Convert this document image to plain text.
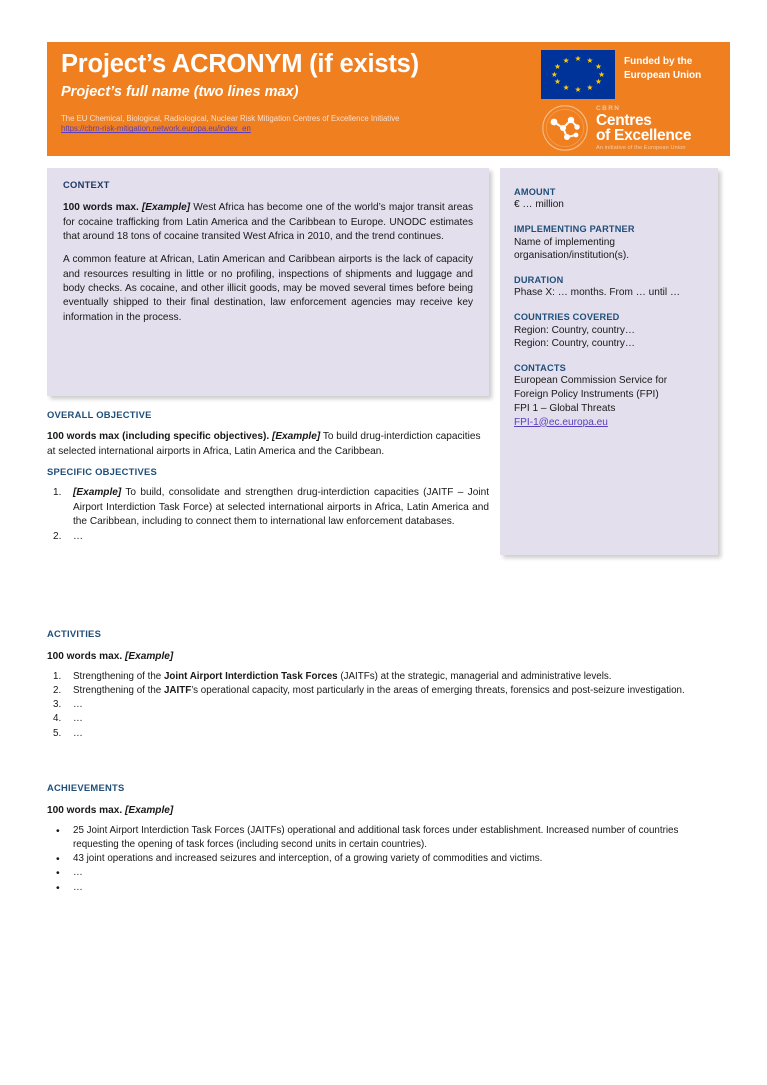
Project’s ACRONYM (if exists)
Project’s full name (two lines max)
The EU Chemical, Biological, Radiological, Nuclear Risk Mitigation Centres of Excellence Initiative
https://cbrn-risk-mitigation.network.europa.eu/index_en
★ ★
★
★
★
★
★
★
★
★
★
★	Funded by the
European Union
CBRN
Centres
of Excellence
An initiative of the European Union
CONTEXT
100 words max. [Example] West Africa has become one of the world’s major transit areas for cocaine trafficking from Latin America and the Caribbean to Europe. UNODC estimates that around 18 tons of cocaine transited West Africa in 2010, and the trend continues.
A common feature at African, Latin American and Caribbean airports is the lack of capacity and resources resulting in little or no profiling, inspections of shipments and luggage and body checks. As cocaine, and other illicit goods, may be moved several times before being eventually shipped to their final destination, law enforcement agencies may receive key information in the process.
AMOUNT
€ … million
IMPLEMENTING PARTNER
Name of implementing
organisation/institution(s).
DURATION
Phase X: … months. From … until …
COUNTRIES COVERED
Region: Country, country…
Region: Country, country…
CONTACTS
European Commission Service for
Foreign Policy Instruments (FPI)
FPI 1 – Global Threats
FPI-1@ec.europa.eu
OVERALL OBJECTIVE
100 words max (including specific objectives). [Example] To build drug-interdiction capacities at selected international airports in Africa, Latin America and the Caribbean.
SPECIFIC OBJECTIVES
1.	[Example] To build, consolidate and strengthen drug-interdiction capacities (JAITF – Joint Airport Interdiction Task Force) at selected international airports in Africa, Latin America and the Caribbean, including to connect them to international law enforcement databases.
2.	…
ACTIVITIES
100 words max. [Example]
1.	Strengthening of the Joint Airport Interdiction Task Forces (JAITFs) at the strategic, managerial and administrative levels.
2.	Strengthening of the JAITF’s operational capacity, most particularly in the areas of emerging threats, forensics and post-seizure investigation.
3.	…
4.	…
5.	…
ACHIEVEMENTS
100 words max. [Example]
•	25 Joint Airport Interdiction Task Forces (JAITFs) operational and additional task forces under establishment. Increased number of countries requesting the opening of task forces (including second units in certain countries).
•	43 joint operations and increased seizures and interception, of a growing variety of commodities and victims.
•	…
•	…
